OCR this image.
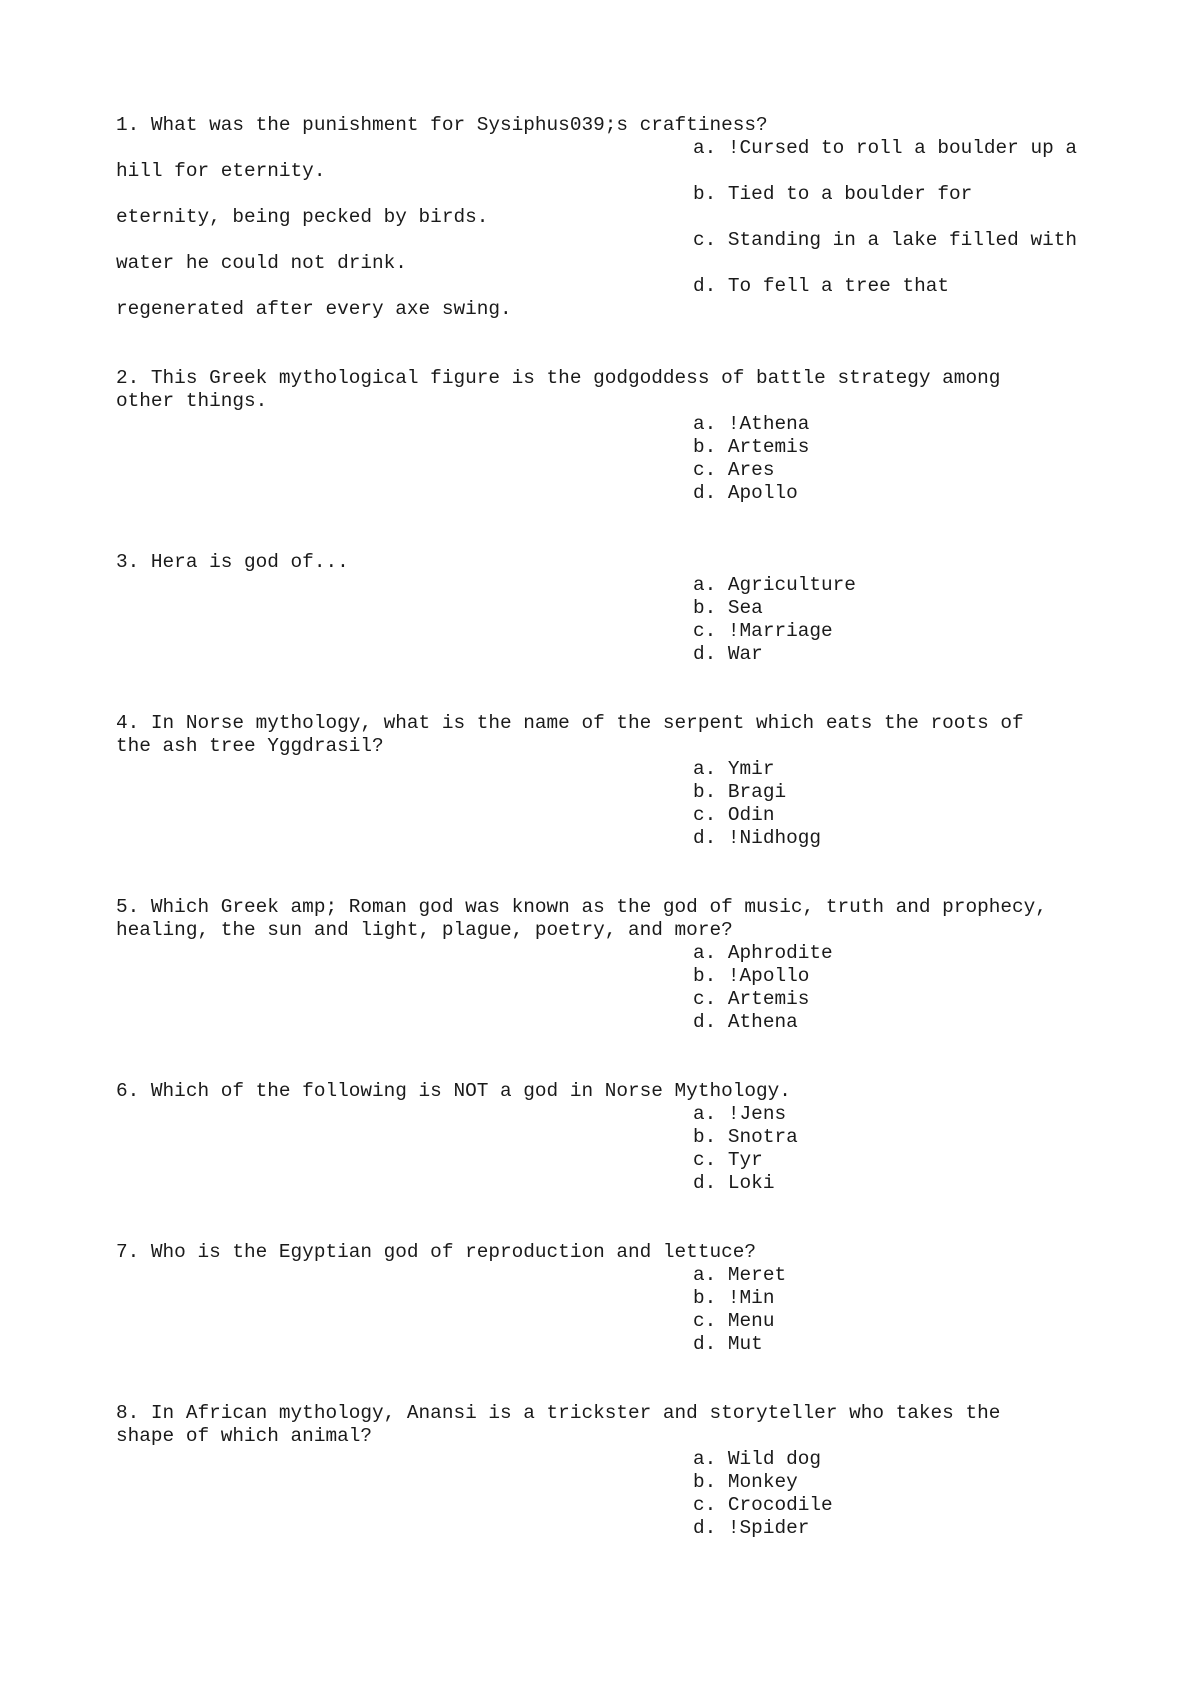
1. What was the punishment for Sysiphus039;s craftiness?
a. !Cursed to roll a boulder up a
hill for eternity.
b. Tied to a boulder for
eternity, being pecked by birds.
c. Standing in a lake filled with
water he could not drink.
d. To fell a tree that
regenerated after every axe swing.
2. This Greek mythological figure is the godgoddess of battle strategy among
other things.
a. !Athena
b. Artemis
c. Ares
d. Apollo
3. Hera is god of...
a. Agriculture
b. Sea
c. !Marriage
d. War
4. In Norse mythology, what is the name of the serpent which eats the roots of
the ash tree Yggdrasil?
a. Ymir
b. Bragi
c. Odin
d. !Nidhogg
5. Which Greek amp; Roman god was known as the god of music, truth and prophecy,
healing, the sun and light, plague, poetry, and more?
a. Aphrodite
b. !Apollo
c. Artemis
d. Athena
6. Which of the following is NOT a god in Norse Mythology.
a. !Jens
b. Snotra
c. Tyr
d. Loki
7. Who is the Egyptian god of reproduction and lettuce?
a. Meret
b. !Min
c. Menu
d. Mut
8. In African mythology, Anansi is a trickster and storyteller who takes the
shape of which animal?
a. Wild dog
b. Monkey
c. Crocodile
d. !Spider
